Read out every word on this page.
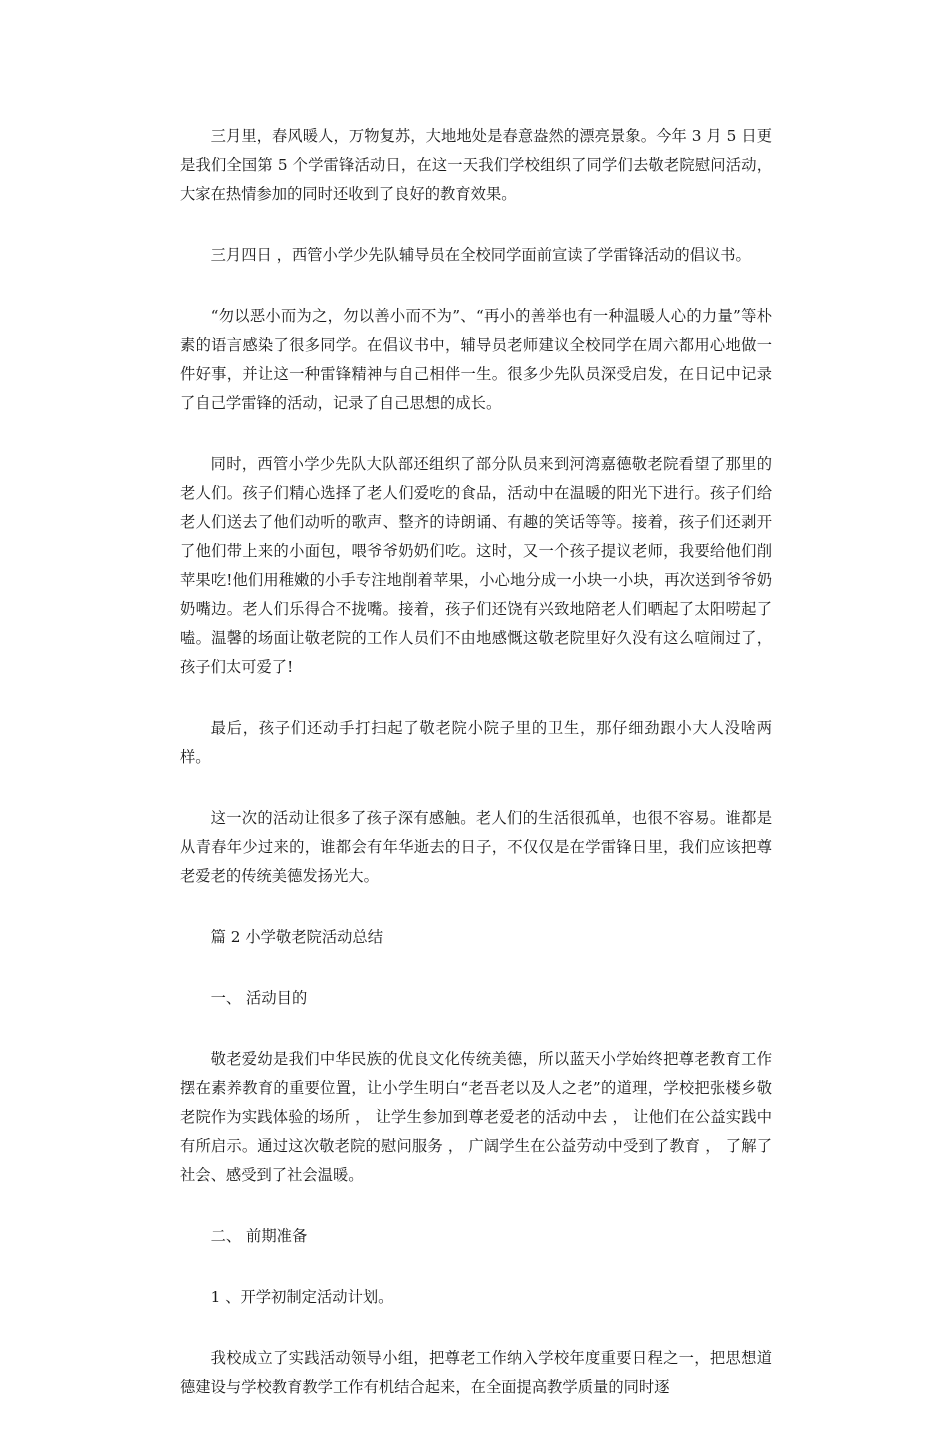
三月里，春风暖人，万物复苏，大地地处是春意盎然的漂亮景象。今年 3 月 5 日更是我们全国第 5 个学雷锋活动日，在这一天我们学校组织了同学们去敬老院慰问活动，大家在热情参加的同时还收到了良好的教育效果。

三月四日 ，西管小学少先队辅导员在全校同学面前宣读了学雷锋活动的倡议书。

“勿以恶小而为之，勿以善小而不为”、“再小的善举也有一种温暖人心的力量”等朴素的语言感染了很多同学。在倡议书中，辅导员老师建议全校同学在周六都用心地做一件好事，并让这一种雷锋精神与自己相伴一生。很多少先队员深受启发，在日记中记录了自己学雷锋的活动，记录了自己思想的成长。

同时，西管小学少先队大队部还组织了部分队员来到河湾嘉德敬老院看望了那里的老人们。孩子们精心选择了老人们爱吃的食品，活动中在温暖的阳光下进行。孩子们给老人们送去了他们动听的歌声、整齐的诗朗诵、有趣的笑话等等。接着，孩子们还剥开了他们带上来的小面包，喂爷爷奶奶们吃。这时，又一个孩子提议老师，我要给他们削苹果吃!他们用稚嫩的小手专注地削着苹果，小心地分成一小块一小块，再次送到爷爷奶奶嘴边。老人们乐得合不拢嘴。接着，孩子们还饶有兴致地陪老人们晒起了太阳唠起了嗑。温馨的场面让敬老院的工作人员们不由地感慨这敬老院里好久没有这么喧闹过了，孩子们太可爱了!

最后，孩子们还动手打扫起了敬老院小院子里的卫生，那仔细劲跟小大人没啥两样。

这一次的活动让很多了孩子深有感触。老人们的生活很孤单，也很不容易。谁都是从青春年少过来的，谁都会有年华逝去的日子，不仅仅是在学雷锋日里，我们应该把尊老爱老的传统美德发扬光大。

篇 2 小学敬老院活动总结

一、 活动目的

敬老爱幼是我们中华民族的优良文化传统美德，所以蓝天小学始终把尊老教育工作摆在素养教育的重要位置，让小学生明白“老吾老以及人之老”的道理，学校把张楼乡敬老院作为实践体验的场所 ， 让学生参加到尊老爱老的活动中去 ， 让他们在公益实践中有所启示。通过这次敬老院的慰问服务 ， 广阔学生在公益劳动中受到了教育 ， 了解了社会、感受到了社会温暖。

二、 前期准备

1 、开学初制定活动计划。

我校成立了实践活动领导小组，把尊老工作纳入学校年度重要日程之一，把思想道德建设与学校教育教学工作有机结合起来，在全面提高教学质量的同时逐
